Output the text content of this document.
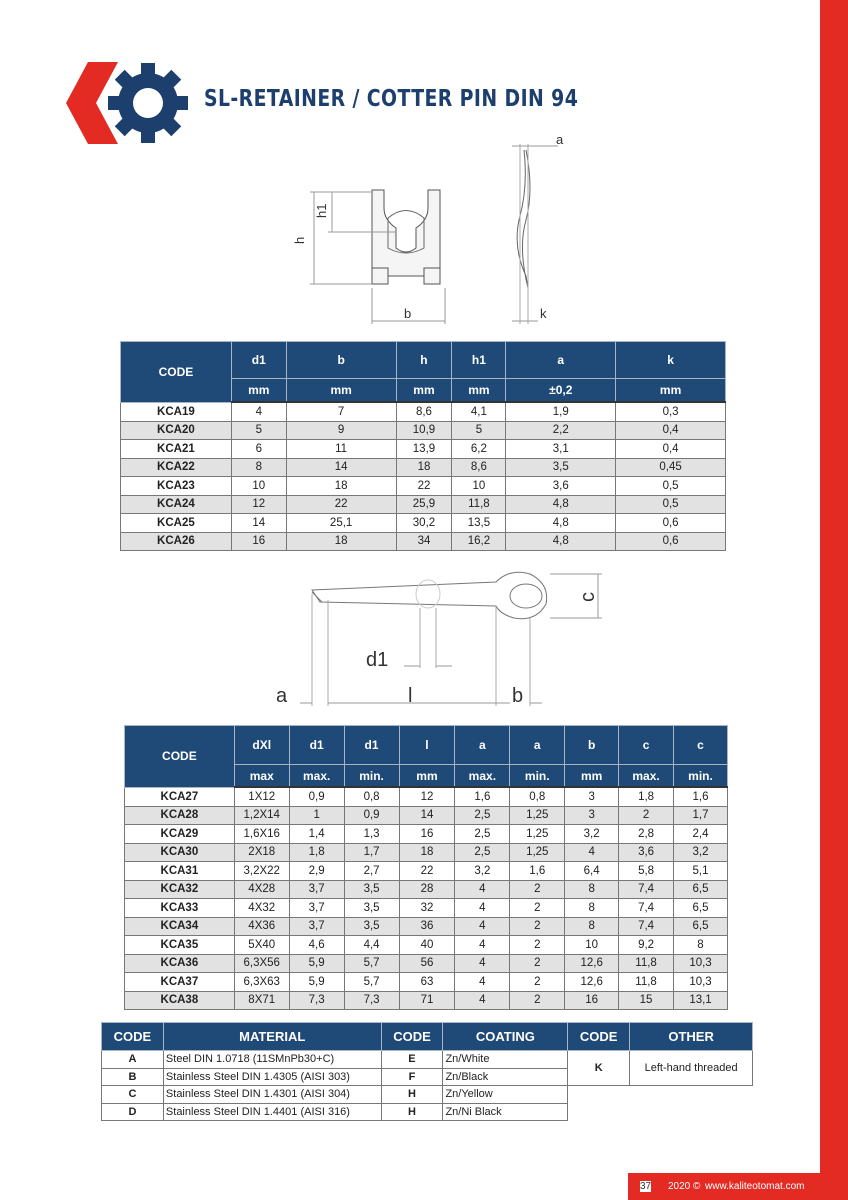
SL-RETAINER / COTTER PIN DIN 94
a
h
h1
b	k
CODE	d1	b	h	h1	a	k
	mm	mm	mm	mm	±0,2	mm
KCA19	4	7	8,6	4,1	1,9	0,3
KCA20	5	9	10,9	5	2,2	0,4
KCA21	6	11	13,9	6,2	3,1	0,4
KCA22	8	14	18	8,6	3,5	0,45
KCA23	10	18	22	10	3,6	0,5
KCA24	12	22	25,9	11,8	4,8	0,5
KCA25	14	25,1	30,2	13,5	4,8	0,6
KCA26	16	18	34	16,2	4,8	0,6
c
d1
a	l	b
CODE	dXl	d1	d1	l	a	a	b	c	c
	max	max.	min.	mm	max.	min.	mm	max.	min.
KCA27	1X12	0,9	0,8	12	1,6	0,8	3	1,8	1,6
KCA28	1,2X14	1	0,9	14	2,5	1,25	3	2	1,7
KCA29	1,6X16	1,4	1,3	16	2,5	1,25	3,2	2,8	2,4
KCA30	2X18	1,8	1,7	18	2,5	1,25	4	3,6	3,2
KCA31	3,2X22	2,9	2,7	22	3,2	1,6	6,4	5,8	5,1
KCA32	4X28	3,7	3,5	28	4	2	8	7,4	6,5
KCA33	4X32	3,7	3,5	32	4	2	8	7,4	6,5
KCA34	4X36	3,7	3,5	36	4	2	8	7,4	6,5
KCA35	5X40	4,6	4,4	40	4	2	10	9,2	8
KCA36	6,3X56	5,9	5,7	56	4	2	12,6	11,8	10,3
KCA37	6,3X63	5,9	5,7	63	4	2	12,6	11,8	10,3
KCA38	8X71	7,3	7,3	71	4	2	16	15	13,1
CODE	MATERIAL	CODE	COATING	CODE	OTHER
A	Steel DIN 1.0718 (11SMnPb30+C)	E	Zn/White	K	Left-hand threaded
B	Stainless Steel DIN 1.4305 (AISI 303)	F	Zn/Black		
C	Stainless Steel DIN 1.4301 (AISI 304)	H	Zn/Yellow		
D	Stainless Steel DIN 1.4401 (AISI 316)	H	Zn/Ni Black		
37 2020 © www.kaliteotomat.com
